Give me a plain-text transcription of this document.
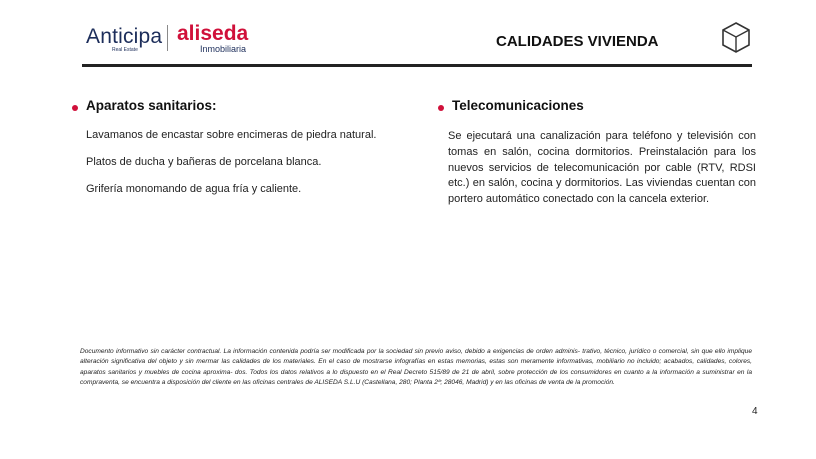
Anticipa
Real Estate
aliseda
Inmobiliaria	CALIDADES VIVIENDA
Aparatos sanitarios:

Lavamanos de encastar sobre encimeras de piedra natural.

Platos de ducha y bañeras de porcelana blanca.

Grifería monomando de agua fría y caliente.

Telecomunicaciones

Se ejecutará una canalización para teléfono y televisión con tomas en salón, cocina dormitorios. Preinstalación para los nuevos servicios de telecomunicación por cable (RTV, RDSI etc.) en salón, cocina y dormitorios. Las viviendas cuentan con portero automático conectado con la cancela exterior.

Documento informativo sin carácter contractual. La información contenida podría ser modificada por la sociedad sin previo aviso, debido a exigencias de orden adminis- trativo, técnico, jurídico o comercial, sin que ello implique alteración significativa del objeto y sin mermar las calidades de los materiales. En el caso de mostrarse infografías en estas memorias, estas son meramente informativas, mobiliario no incluido; acabados, calidades, colores, aparatos sanitarios y muebles de cocina aproxima- dos. Todos los datos relativos a lo dispuesto en el Real Decreto 515/89 de 21 de abril, sobre protección de los consumidores en cuanto a la información a suministrar en la compraventa, se encuentra a disposición del cliente en las oficinas centrales de ALISEDA S.L.U (Castellana, 280; Planta 2ª; 28046, Madrid) y en las oficinas de venta de la promoción.
4
